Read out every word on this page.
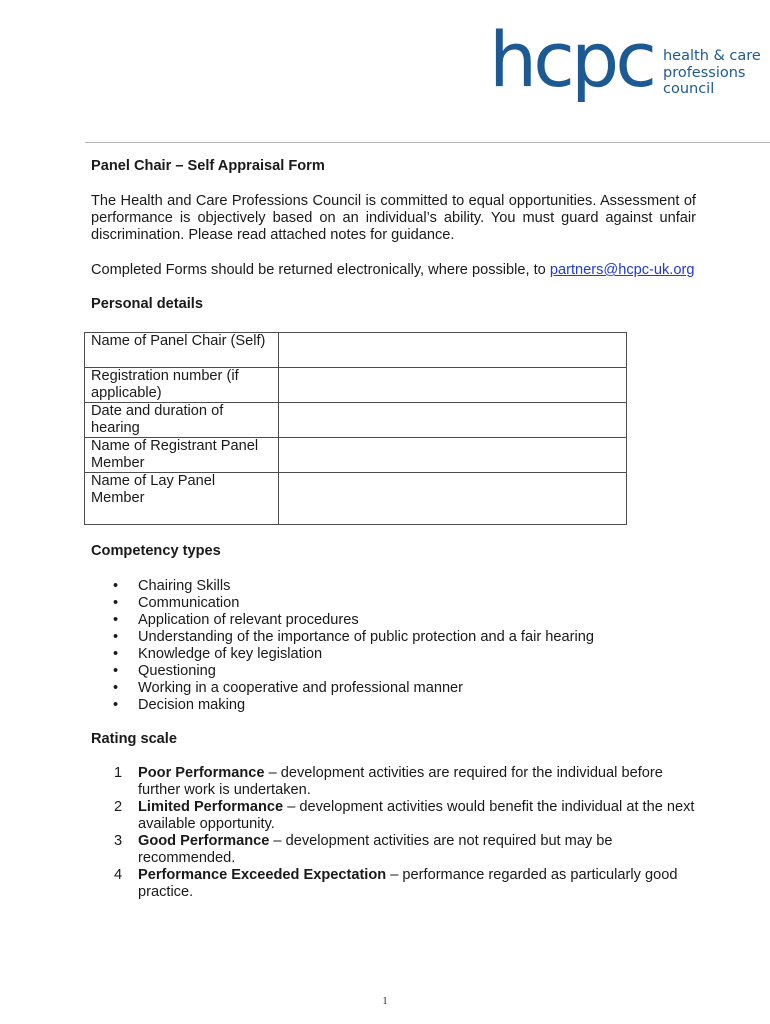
hcpc health & care
professions
council

Panel Chair – Self Appraisal Form

The Health and Care Professions Council is committed to equal opportunities. Assessment of performance is objectively based on an individual’s ability. You must guard against unfair discrimination. Please read attached notes for guidance.

Completed Forms should be returned electronically, where possible, to partners@hcpc-uk.org

Personal details
Name of Panel Chair (Self)	
Registration number (if applicable)	
Date and duration of hearing	
Name of Registrant Panel Member	
Name of Lay Panel Member	
Competency types
• Chairing Skills
• Communication
• Application of relevant procedures
• Understanding of the importance of public protection and a fair hearing
• Knowledge of key legislation
• Questioning
• Working in a cooperative and professional manner
• Decision making
Rating scale
1 Poor Performance – development activities are required for the individual before further work is undertaken.
2 Limited Performance – development activities would benefit the individual at the next available opportunity.
3 Good Performance – development activities are not required but may be recommended.
4 Performance Exceeded Expectation – performance regarded as particularly good practice.
1
